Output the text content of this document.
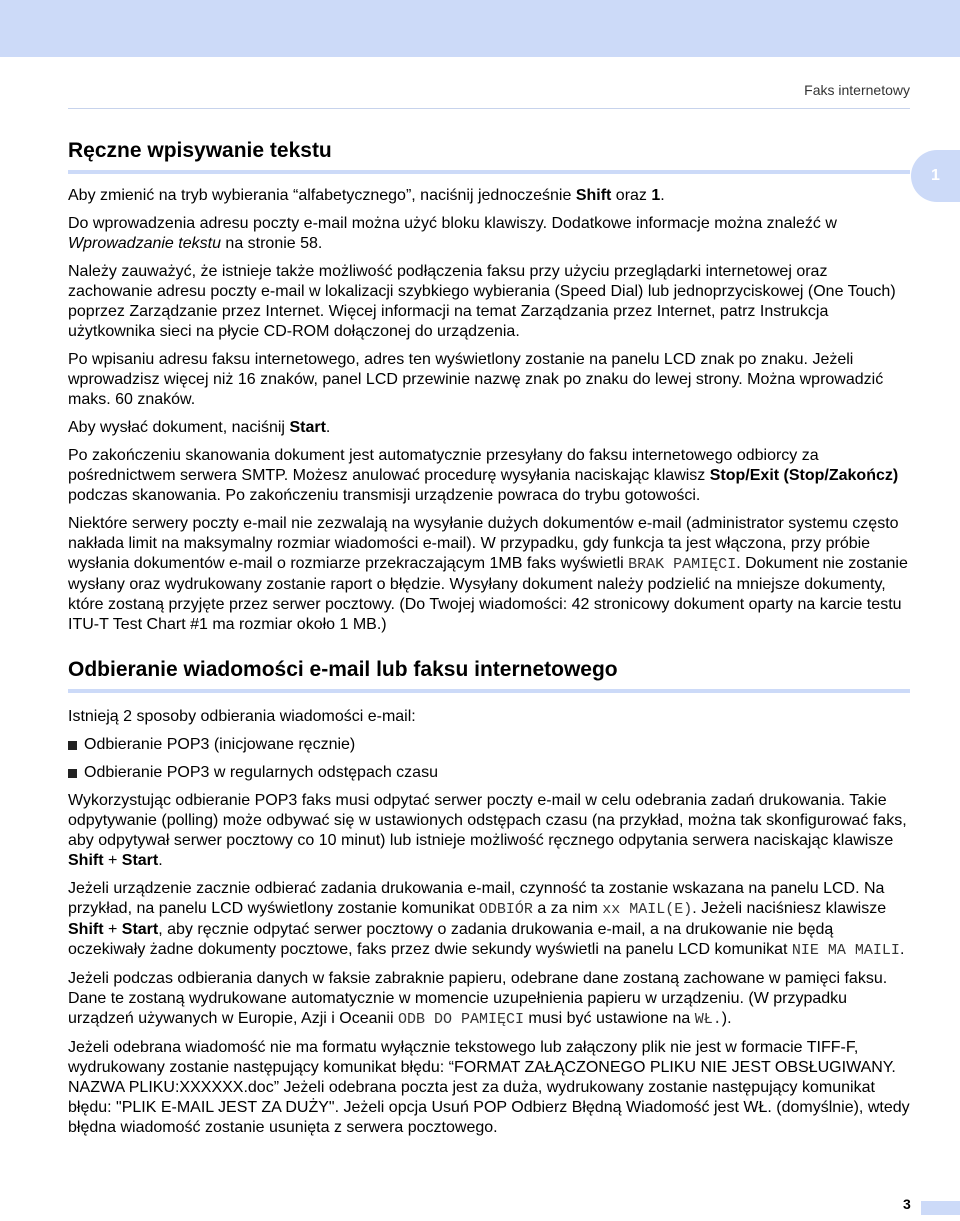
Faks internetowy
1
Ręczne wpisywanie tekstu

Aby zmienić na tryb wybierania “alfabetycznego”, naciśnij jednocześnie Shift oraz 1.

Do wprowadzenia adresu poczty e-mail można użyć bloku klawiszy. Dodatkowe informacje można znaleźć w Wprowadzanie tekstu na stronie 58.

Należy zauważyć, że istnieje także możliwość podłączenia faksu przy użyciu przeglądarki internetowej oraz zachowanie adresu poczty e-mail w lokalizacji szybkiego wybierania (Speed Dial) lub jednoprzyciskowej (One Touch) poprzez Zarządzanie przez Internet. Więcej informacji na temat Zarządzania przez Internet, patrz Instrukcja użytkownika sieci na płycie CD-ROM dołączonej do urządzenia.

Po wpisaniu adresu faksu internetowego, adres ten wyświetlony zostanie na panelu LCD znak po znaku. Jeżeli wprowadzisz więcej niż 16 znaków, panel LCD przewinie nazwę znak po znaku do lewej strony. Można wprowadzić maks. 60 znaków.

Aby wysłać dokument, naciśnij Start.

Po zakończeniu skanowania dokument jest automatycznie przesyłany do faksu internetowego odbiorcy za pośrednictwem serwera SMTP. Możesz anulować procedurę wysyłania naciskając klawisz Stop/Exit (Stop/Zakończ) podczas skanowania. Po zakończeniu transmisji urządzenie powraca do trybu gotowości.

Niektóre serwery poczty e-mail nie zezwalają na wysyłanie dużych dokumentów e-mail (administrator systemu często nakłada limit na maksymalny rozmiar wiadomości e-mail). W przypadku, gdy funkcja ta jest włączona, przy próbie wysłania dokumentów e-mail o rozmiarze przekraczającym 1MB faks wyświetli BRAK PAMIĘCI. Dokument nie zostanie wysłany oraz wydrukowany zostanie raport o błędzie. Wysyłany dokument należy podzielić na mniejsze dokumenty, które zostaną przyjęte przez serwer pocztowy. (Do Twojej wiadomości: 42 stronicowy dokument oparty na karcie testu ITU-T Test Chart #1 ma rozmiar około 1 MB.)

Odbieranie wiadomości e-mail lub faksu internetowego

Istnieją 2 sposoby odbierania wiadomości e-mail:

Odbieranie POP3 (inicjowane ręcznie)
Odbieranie POP3 w regularnych odstępach czasu

Wykorzystując odbieranie POP3 faks musi odpytać serwer poczty e-mail w celu odebrania zadań drukowania. Takie odpytywanie (polling) może odbywać się w ustawionych odstępach czasu (na przykład, można tak skonfigurować faks, aby odpytywał serwer pocztowy co 10 minut) lub istnieje możliwość ręcznego odpytania serwera naciskając klawisze Shift + Start.

Jeżeli urządzenie zacznie odbierać zadania drukowania e-mail, czynność ta zostanie wskazana na panelu LCD. Na przykład, na panelu LCD wyświetlony zostanie komunikat ODBIÓR a za nim xx MAIL(E). Jeżeli naciśniesz klawisze Shift + Start, aby ręcznie odpytać serwer pocztowy o zadania drukowania e-mail, a na drukowanie nie będą oczekiwały żadne dokumenty pocztowe, faks przez dwie sekundy wyświetli na panelu LCD komunikat NIE MA MAILI.

Jeżeli podczas odbierania danych w faksie zabraknie papieru, odebrane dane zostaną zachowane w pamięci faksu. Dane te zostaną wydrukowane automatycznie w momencie uzupełnienia papieru w urządzeniu. (W przypadku urządzeń używanych w Europie, Azji i Oceanii ODB DO PAMIĘCI musi być ustawione na WŁ.).

Jeżeli odebrana wiadomość nie ma formatu wyłącznie tekstowego lub załączony plik nie jest w formacie TIFF-F, wydrukowany zostanie następujący komunikat błędu: “FORMAT ZAŁĄCZONEGO PLIKU NIE JEST OBSŁUGIWANY. NAZWA PLIKU:XXXXXX.doc” Jeżeli odebrana poczta jest za duża, wydrukowany zostanie następujący komunikat błędu: "PLIK E-MAIL JEST ZA DUŻY". Jeżeli opcja Usuń POP Odbierz Błędną Wiadomość jest WŁ. (domyślnie), wtedy błędna wiadomość zostanie usunięta z serwera pocztowego.

3
